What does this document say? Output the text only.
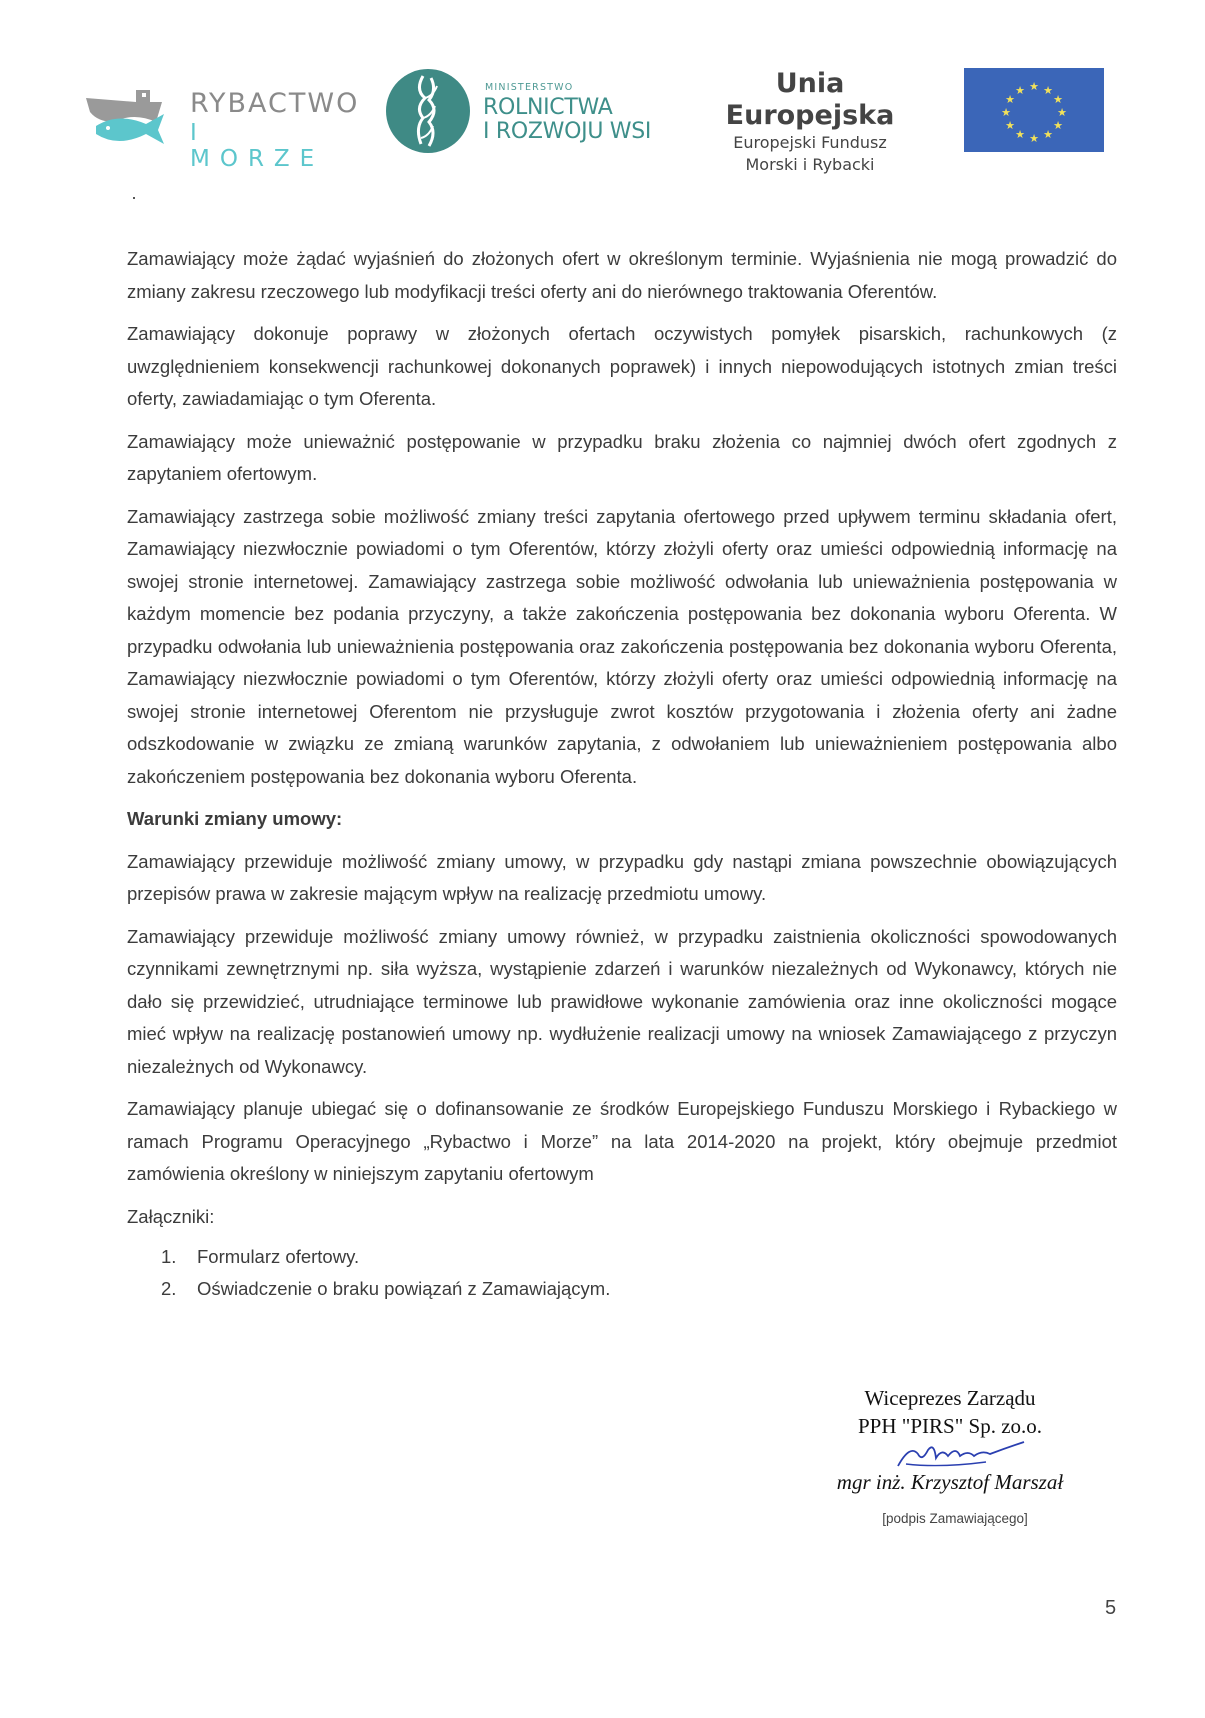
RYBACTWO
I MORZE
MINISTERSTWO
ROLNICTWA
I ROZWOJU WSI
Unia Europejska
Europejski Fundusz
Morski i Rybacki
★ ★
★
★
★
★
★
★
★
★
★
★

Zamawiający może żądać wyjaśnień do złożonych ofert w określonym terminie. Wyjaśnienia nie mogą prowadzić do zmiany zakresu rzeczowego lub modyfikacji treści oferty ani do nierównego traktowania Oferentów.

Zamawiający dokonuje poprawy w złożonych ofertach oczywistych pomyłek pisarskich, rachunkowych (z uwzględnieniem konsekwencji rachunkowej dokonanych poprawek) i innych niepowodujących istotnych zmian treści oferty, zawiadamiając o tym Oferenta.

Zamawiający może unieważnić postępowanie w przypadku braku złożenia co najmniej dwóch ofert zgodnych z zapytaniem ofertowym.

Zamawiający zastrzega sobie możliwość zmiany treści zapytania ofertowego przed upływem terminu składania ofert, Zamawiający niezwłocznie powiadomi o tym Oferentów, którzy złożyli oferty oraz umieści odpowiednią informację na swojej stronie internetowej. Zamawiający zastrzega sobie możliwość odwołania lub unieważnienia postępowania w każdym momencie bez podania przyczyny, a także zakończenia postępowania bez dokonania wyboru Oferenta. W przypadku odwołania lub unieważnienia postępowania oraz zakończenia postępowania bez dokonania wyboru Oferenta, Zamawiający niezwłocznie powiadomi o tym Oferentów, którzy złożyli oferty oraz umieści odpowiednią informację na swojej stronie internetowej Oferentom nie przysługuje zwrot kosztów przygotowania i złożenia oferty ani żadne odszkodowanie w związku ze zmianą warunków zapytania, z odwołaniem lub unieważnieniem postępowania albo zakończeniem postępowania bez dokonania wyboru Oferenta.

Warunki zmiany umowy:

Zamawiający przewiduje możliwość zmiany umowy, w przypadku gdy nastąpi zmiana powszechnie obowiązujących przepisów prawa w zakresie mającym wpływ na realizację przedmiotu umowy.

Zamawiający przewiduje możliwość zmiany umowy również, w przypadku zaistnienia okoliczności spowodowanych czynnikami zewnętrznymi np. siła wyższa, wystąpienie zdarzeń i warunków niezależnych od Wykonawcy, których nie dało się przewidzieć, utrudniające terminowe lub prawidłowe wykonanie zamówienia oraz inne okoliczności mogące mieć wpływ na realizację postanowień umowy np. wydłużenie realizacji umowy na wniosek Zamawiającego z przyczyn niezależnych od Wykonawcy.

Zamawiający planuje ubiegać się o dofinansowanie ze środków Europejskiego Funduszu Morskiego i Rybackiego w ramach Programu Operacyjnego „Rybactwo i Morze” na lata 2014-2020 na projekt, który obejmuje przedmiot zamówienia określony w niniejszym zapytaniu ofertowym

Załączniki:
1. Formularz ofertowy.
2. Oświadczenie o braku powiązań z Zamawiającym.
Wiceprezes Zarządu
PPH "PIRS" Sp. zo.o.
mgr inż. Krzysztof Marszał
[podpis Zamawiającego]
5
